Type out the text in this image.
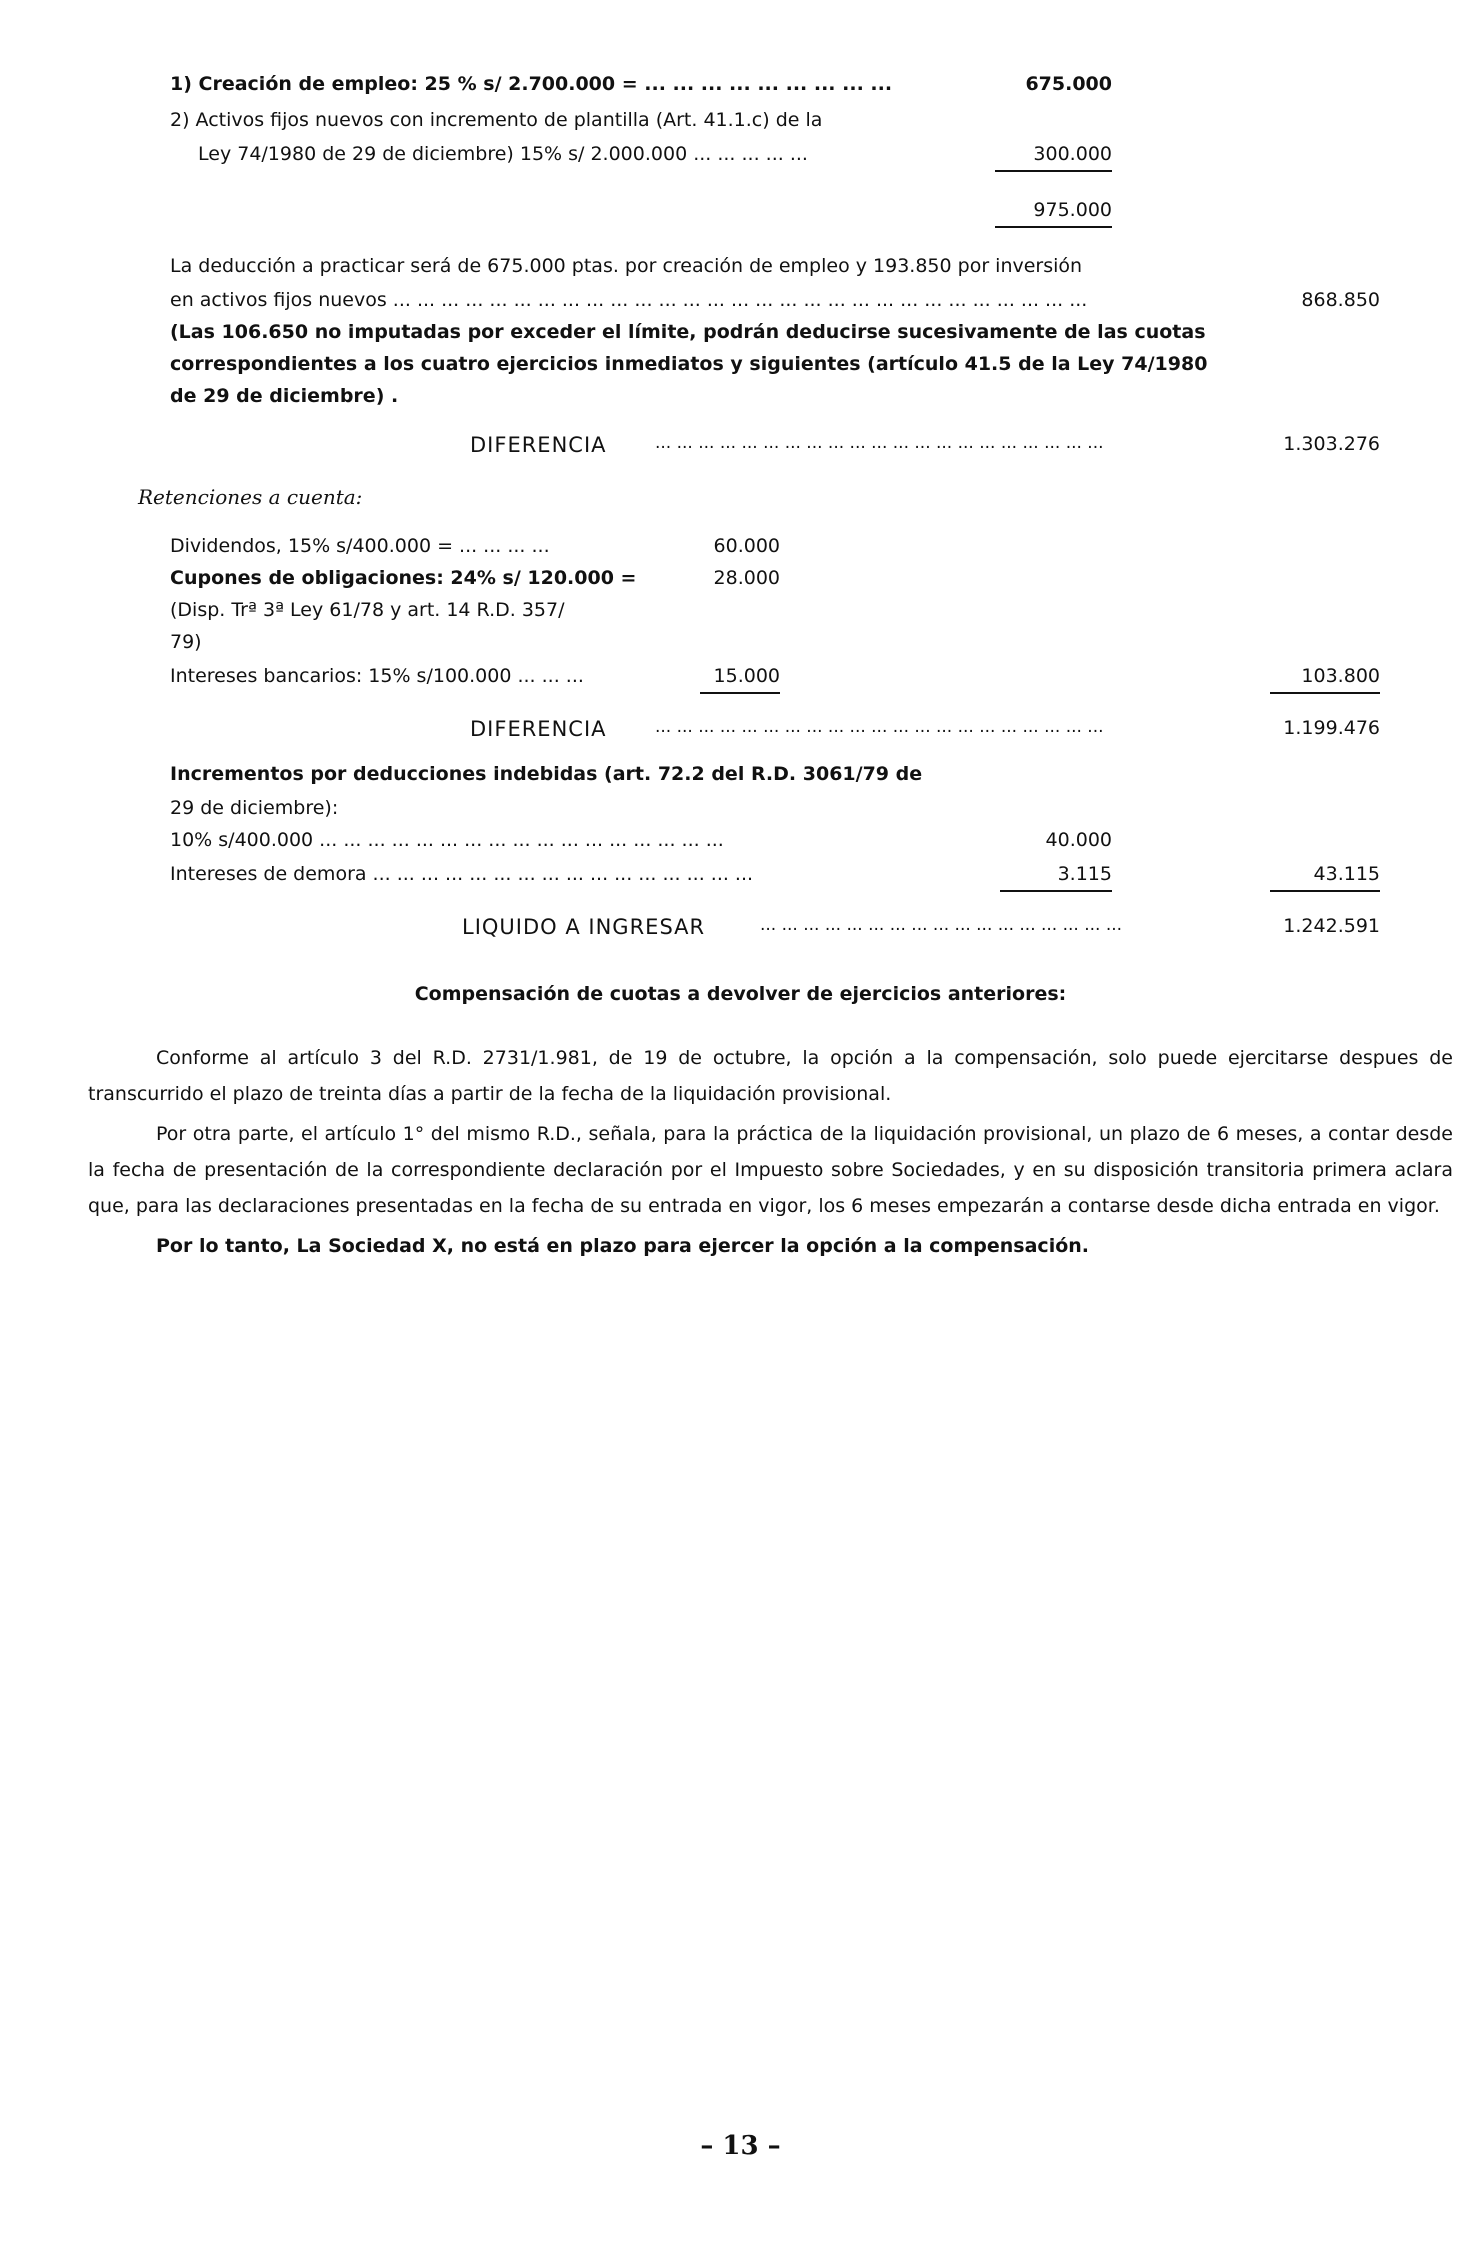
1) Creación de empleo: 25 % s/ 2.700.000 = ... ... ... ... ... ... ... ... ...	675.000
2) Activos fijos nuevos con incremento de plantilla (Art. 41.1.c) de la
Ley 74/1980 de 29 de diciembre) 15% s/ 2.000.000 ... ... ... ... ...	300.000
975.000
La deducción a practicar será de 675.000 ptas. por creación de empleo y 193.850 por inversión
en activos fijos nuevos ... ... ... ... ... ... ... ... ... ... ... ... ... ... ... ... ... ... ... ... ... ... ... ... ... ... ... ... ...	868.850
(Las 106.650 no imputadas por exceder el límite, podrán deducirse sucesivamente de las cuotas
correspondientes a los cuatro ejercicios inmediatos y siguientes (artículo 41.5 de la Ley 74/1980
de 29 de diciembre) .
DIFERENCIA	... ... ... ... ... ... ... ... ... ... ... ... ... ... ... ... ... ... ... ... ...	1.303.276
Retenciones a cuenta:
Dividendos, 15% s/400.000 = ... ... ... ...	60.000
Cupones de obligaciones: 24% s/ 120.000 =	28.000
(Disp. Trª 3ª Ley 61/78 y art. 14 R.D. 357/
79)
Intereses bancarios: 15% s/100.000 ... ... ...	15.000	103.800
DIFERENCIA	... ... ... ... ... ... ... ... ... ... ... ... ... ... ... ... ... ... ... ... ...	1.199.476
Incrementos por deducciones indebidas (art. 72.2 del R.D. 3061/79 de
29 de diciembre):
10% s/400.000 ... ... ... ... ... ... ... ... ... ... ... ... ... ... ... ... ...	40.000
Intereses de demora ... ... ... ... ... ... ... ... ... ... ... ... ... ... ... ...	3.115	43.115
LIQUIDO A INGRESAR	... ... ... ... ... ... ... ... ... ... ... ... ... ... ... ... ...	1.242.591
Compensación de cuotas a devolver de ejercicios anteriores:

Conforme al artículo 3 del R.D. 2731/1.981, de 19 de octubre, la opción a la compensación, solo puede ejercitarse despues de transcurrido el plazo de treinta días a partir de la fecha de la liquidación provisional.

Por otra parte, el artículo 1° del mismo R.D., señala, para la práctica de la liquidación provisional, un plazo de 6 meses, a contar desde la fecha de presentación de la correspondiente declaración por el Impuesto sobre Sociedades, y en su disposición transitoria primera aclara que, para las declaraciones presentadas en la fecha de su entrada en vigor, los 6 meses empezarán a contarse desde dicha entrada en vigor.

Por lo tanto, La Sociedad X, no está en plazo para ejercer la opción a la compensación.

– 13 –
